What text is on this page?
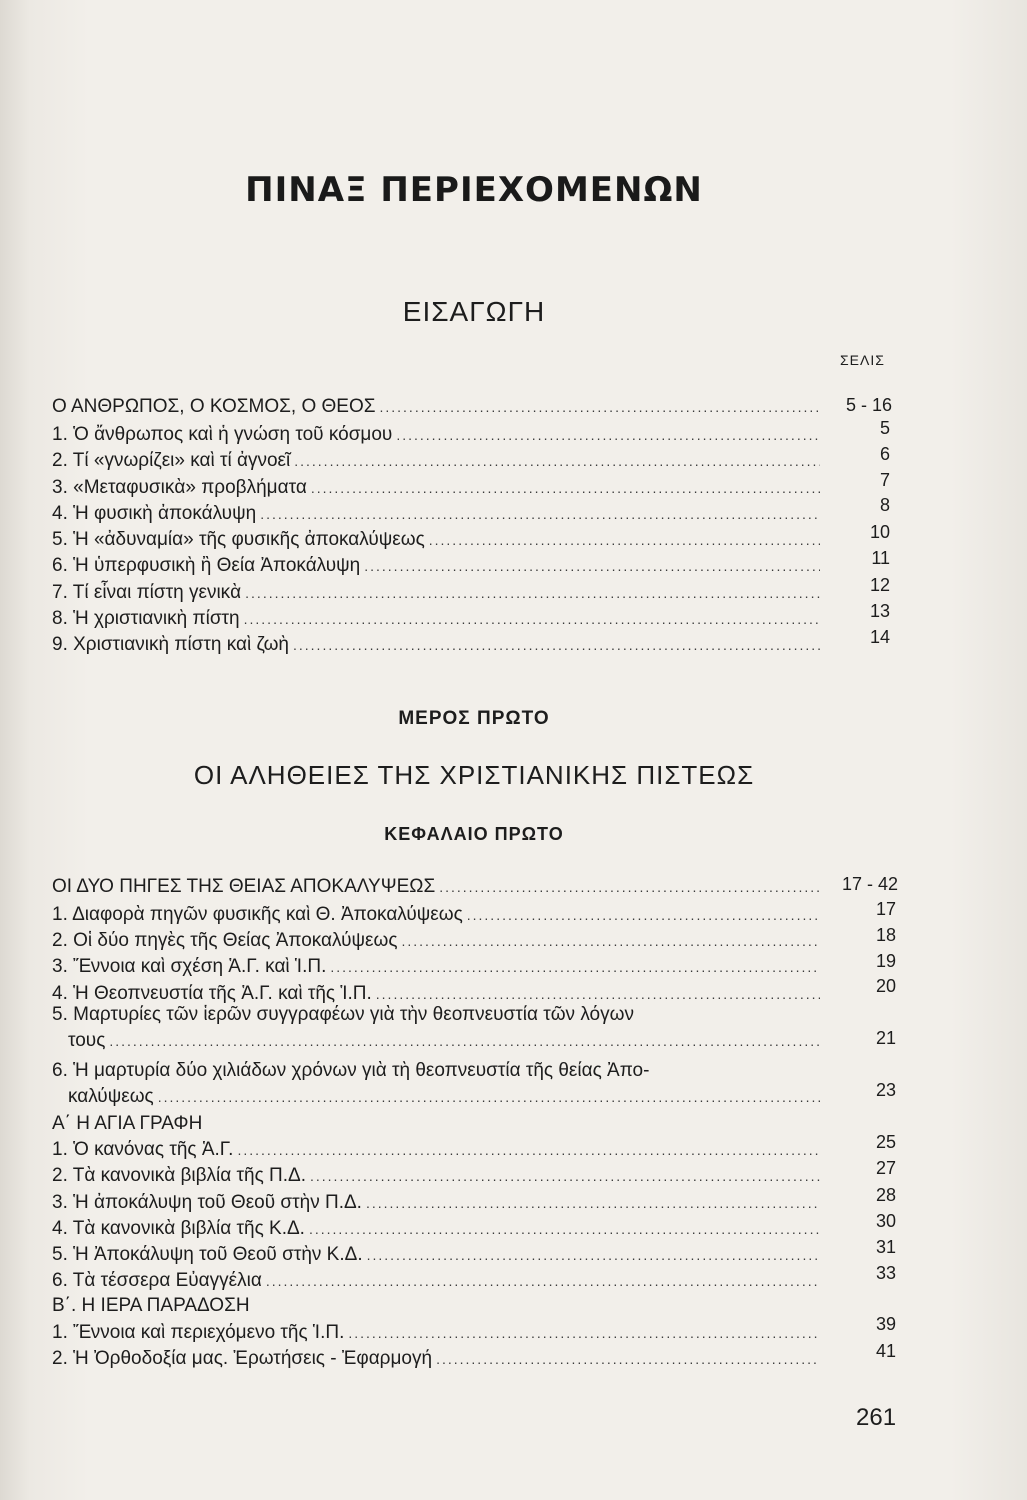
ΠΙΝΑΞ ΠΕΡΙΕΧΟΜΕΝΩΝ
ΕΙΣΑΓΩΓΗ
ΣΕΛΙΣ
Ο ΑΝΘΡΩΠΟΣ, Ο ΚΟΣΜΟΣ, Ο ΘΕΟΣ .....	5 - 16
1. Ὁ ἄνθρωπος καὶ ἡ γνώση τοῦ κόσμου .....	5
2. Τί «γνωρίζει» καὶ τί ἀγνοεῖ .....	6
3. «Μεταφυσικὰ» προβλήματα .....	7
4. Ἡ φυσικὴ ἀποκάλυψη .....	8
5. Ἡ «ἀδυναμία» τῆς φυσικῆς ἀποκαλύψεως .....	10
6. Ἡ ὑπερφυσικὴ ἢ Θεία Ἀποκάλυψη .....	11
7. Τί εἶναι πίστη γενικὰ .....	12
8. Ἡ χριστιανικὴ πίστη .....	13
9. Χριστιανικὴ πίστη καὶ ζωὴ .....	14
ΜΕΡΟΣ ΠΡΩΤΟ
ΟΙ ΑΛΗΘΕΙΕΣ ΤΗΣ ΧΡΙΣΤΙΑΝΙΚΗΣ ΠΙΣΤΕΩΣ
ΚΕΦΑΛΑΙΟ ΠΡΩΤΟ
ΟΙ ΔΥΟ ΠΗΓΕΣ ΤΗΣ ΘΕΙΑΣ ΑΠΟΚΑΛΥΨΕΩΣ .....	17 - 42
1. Διαφορὰ πηγῶν φυσικῆς καὶ Θ. Ἀποκαλύψεως .....	17
2. Οἱ δύο πηγὲς τῆς Θείας Ἀποκαλύψεως .....	18
3. Ἔννοια καὶ σχέση Ἁ.Γ. καὶ Ἱ.Π. .....	19
4. Ἡ Θεοπνευστία τῆς Ἁ.Γ. καὶ τῆς Ἱ.Π. .....	20
5. Μαρτυρίες τῶν ἱερῶν συγγραφέων γιὰ τὴν θεοπνευστία τῶν λόγων
τους .....	21
6. Ἡ μαρτυρία δύο χιλιάδων χρόνων γιὰ τὴ θεοπνευστία τῆς θείας Ἀπο-
καλύψεως .....	23
Α΄ Η ΑΓΙΑ ΓΡΑΦΗ
1. Ὁ κανόνας τῆς Ἁ.Γ. .....	25
2. Τὰ κανονικὰ βιβλία τῆς Π.Δ. .....	27
3. Ἡ ἀποκάλυψη τοῦ Θεοῦ στὴν Π.Δ. .....	28
4. Τὰ κανονικὰ βιβλία τῆς Κ.Δ. .....	30
5. Ἡ Ἀποκάλυψη τοῦ Θεοῦ στὴν Κ.Δ. .....	31
6. Τὰ τέσσερα Εὐαγγέλια .....	33
Β΄. Η ΙΕΡΑ ΠΑΡΑΔΟΣΗ
1. Ἔννοια καὶ περιεχόμενο τῆς Ἱ.Π. .....	39
2. Ἡ Ὀρθοδοξία μας. Ἐρωτήσεις - Ἐφαρμογή .....	41
261
